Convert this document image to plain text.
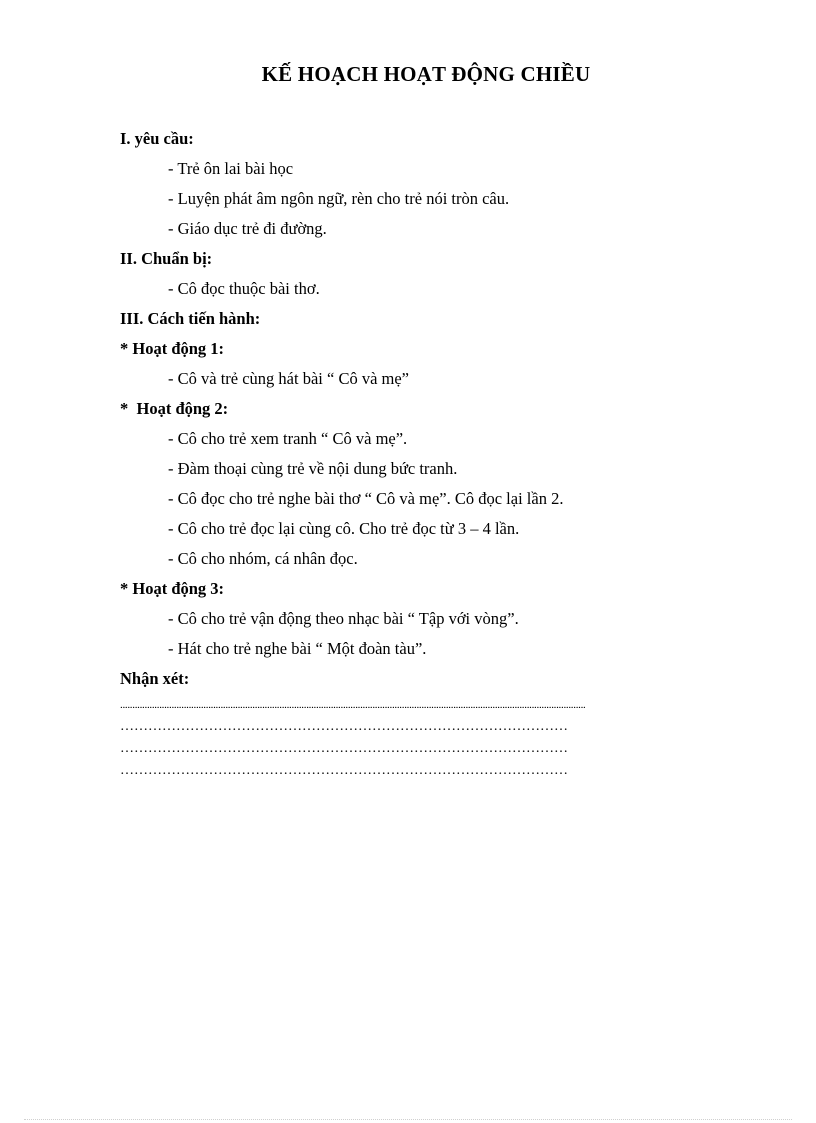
KẾ HOẠCH HOẠT ĐỘNG CHIỀU
I. yêu cầu:
- Trẻ ôn lai bài học
- Luyện phát âm ngôn ngữ, rèn cho trẻ nói tròn câu.
- Giáo dục trẻ đi đường.
II. Chuẩn bị:
- Cô đọc thuộc bài thơ.
III. Cách tiến hành:
* Hoạt động 1:
- Cô và trẻ cùng hát bài “ Cô và mẹ”
*  Hoạt động 2:
- Cô cho trẻ xem tranh “ Cô và mẹ”.
- Đàm thoại cùng trẻ về nội dung bức tranh.
- Cô đọc cho trẻ nghe bài thơ “ Cô và mẹ”. Cô đọc lại lần 2.
- Cô cho trẻ đọc lại cùng cô. Cho trẻ đọc từ 3 – 4 lần.
- Cô cho nhóm, cá nhân đọc.
* Hoạt động 3:
- Cô cho trẻ vận động theo nhạc bài “ Tập với vòng”.
- Hát cho trẻ nghe bài “ Một đoàn tàu”.
Nhận xét:
..............................................................................................................................................................................................
……………………………………………………………………………………
……………………………………………………………………………………
……………………………………………………………………………………
